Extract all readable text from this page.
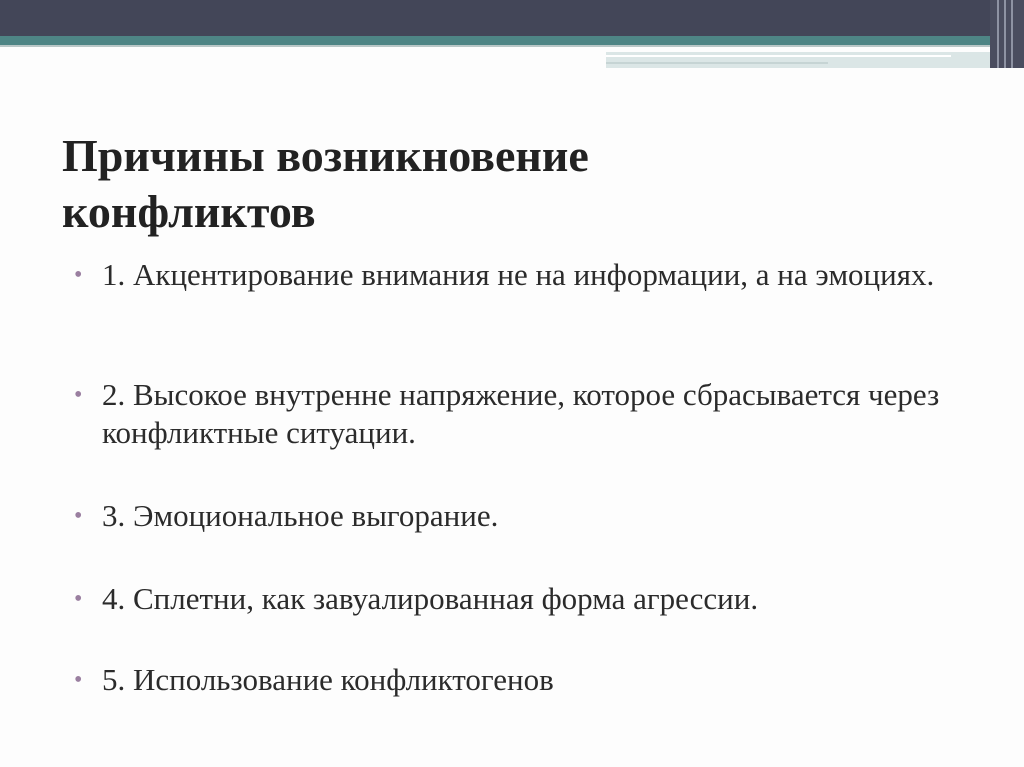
Причины возникновение
конфликтов
• 1. Акцентирование внимания не на информации, а на эмоциях.
• 2. Высокое внутренне напряжение, которое сбрасывается через конфликтные ситуации.
• 3. Эмоциональное выгорание.
• 4. Сплетни, как завуалированная форма агрессии.
• 5. Использование конфликтогенов
